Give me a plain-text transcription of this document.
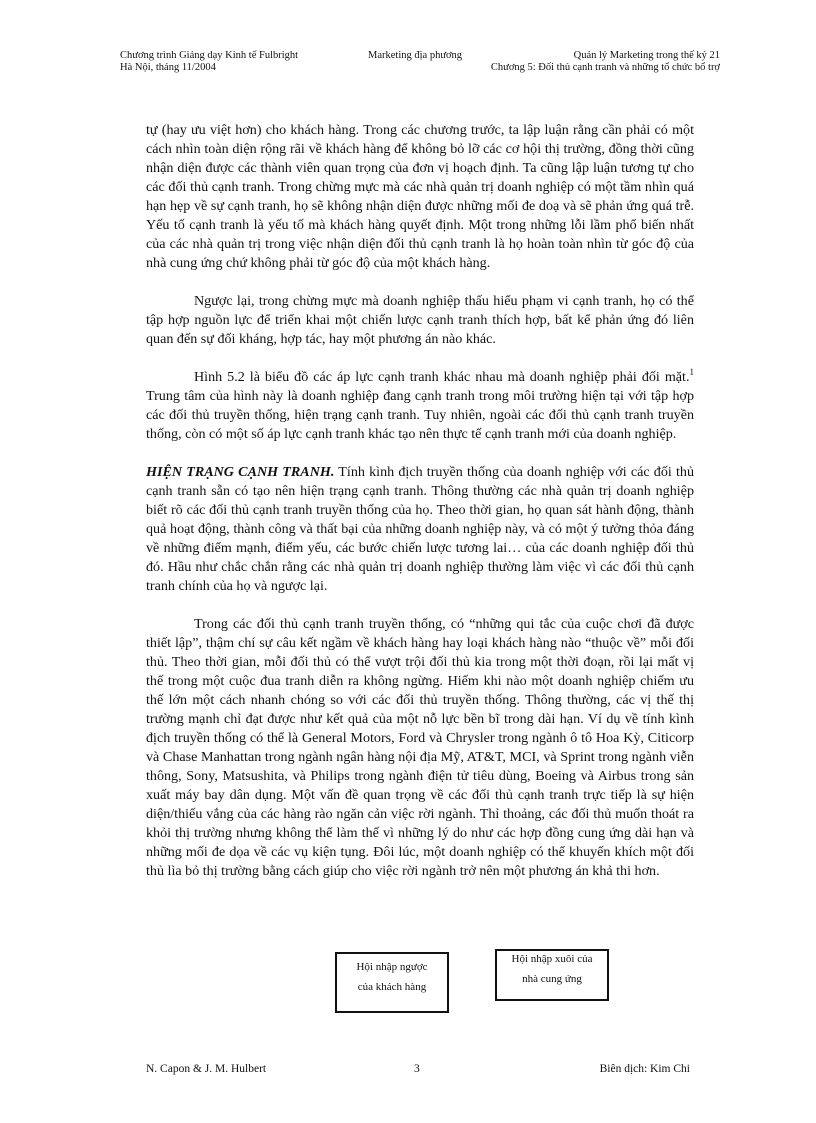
Chương trình Giảng dạy Kinh tế Fulbright	Marketing địa phương	Quản lý Marketing trong thế kỷ 21
Hà Nội, tháng 11/2004	Chương 5: Đối thủ cạnh tranh và những tổ chức bổ trợ

tự (hay ưu việt hơn) cho khách hàng. Trong các chương trước, ta lập luận rằng cần phải có một cách nhìn toàn diện rộng rãi về khách hàng để không bỏ lỡ các cơ hội thị trường, đồng thời cũng nhận diện được các thành viên quan trọng của đơn vị hoạch định. Ta cũng lập luận tương tự cho các đối thủ cạnh tranh. Trong chừng mực mà các nhà quản trị doanh nghiệp có một tầm nhìn quá hạn hẹp về sự cạnh tranh, họ sẽ không nhận diện được những mối đe doạ và sẽ phản ứng quá trễ. Yếu tố cạnh tranh là yếu tố mà khách hàng quyết định. Một trong những lỗi lầm phổ biến nhất của các nhà quản trị trong việc nhận diện đối thủ cạnh tranh là họ hoàn toàn nhìn từ góc độ của nhà cung ứng chứ không phải từ góc độ của một khách hàng.

Ngược lại, trong chừng mực mà doanh nghiệp thấu hiểu phạm vi cạnh tranh, họ có thể tập hợp nguồn lực để triển khai một chiến lược cạnh tranh thích hợp, bất kể phản ứng đó liên quan đến sự đối kháng, hợp tác, hay một phương án nào khác.

Hình 5.2 là biểu đồ các áp lực cạnh tranh khác nhau mà doanh nghiệp phải đối mặt.$^1$ Trung tâm của hình này là doanh nghiệp đang cạnh tranh trong môi trường hiện tại với tập hợp các đối thủ truyền thống, hiện trạng cạnh tranh. Tuy nhiên, ngoài các đối thủ cạnh tranh truyền thống, còn có một số áp lực cạnh tranh khác tạo nên thực tế cạnh tranh mới của doanh nghiệp.

HIỆN TRẠNG CẠNH TRANH. Tính kình địch truyền thống của doanh nghiệp với các đối thủ cạnh tranh sẵn có tạo nên hiện trạng cạnh tranh. Thông thường các nhà quản trị doanh nghiệp biết rõ các đối thủ cạnh tranh truyền thống của họ. Theo thời gian, họ quan sát hành động, thành quả hoạt động, thành công và thất bại của những doanh nghiệp này, và có một ý tưởng thỏa đáng về những điểm mạnh, điểm yếu, các bước chiến lược tương lai… của các doanh nghiệp đối thủ đó. Hầu như chắc chắn rằng các nhà quản trị doanh nghiệp thường làm việc vì các đối thủ cạnh tranh chính của họ và ngược lại.

Trong các đối thủ cạnh tranh truyền thống, có “những qui tắc của cuộc chơi đã được thiết lập”, thậm chí sự câu kết ngầm về khách hàng hay loại khách hàng nào “thuộc về” mỗi đối thủ. Theo thời gian, mỗi đối thủ có thể vượt trội đối thủ kia trong một thời đoạn, rồi lại mất vị thế trong một cuộc đua tranh diễn ra không ngừng. Hiếm khi nào một doanh nghiệp chiếm ưu thế lớn một cách nhanh chóng so với các đối thủ truyền thống. Thông thường, các vị thế thị trường mạnh chỉ đạt được như kết quả của một nỗ lực bền bĩ trong dài hạn. Ví dụ về tính kình địch truyền thống có thể là General Motors, Ford và Chrysler trong ngành ô tô Hoa Kỳ, Citicorp và Chase Manhattan trong ngành ngân hàng nội địa Mỹ, AT&T, MCI, và Sprint trong ngành viễn thông, Sony, Matsushita, và Philips trong ngành điện tử tiêu dùng, Boeing và Airbus trong sản xuất máy bay dân dụng. Một vấn đề quan trọng về các đối thủ cạnh tranh trực tiếp là sự hiện diện/thiếu vắng của các hàng rào ngăn cản việc rời ngành. Thỉ thoảng, các đối thủ muốn thoát ra khỏi thị trường nhưng không thể làm thế vì những lý do như các hợp đồng cung ứng dài hạn và những mối đe dọa về các vụ kiện tụng. Đôi lúc, một doanh nghiệp có thể khuyến khích một đối thủ lìa bỏ thị trường bằng cách giúp cho việc rời ngành trở nên một phương án khả thi hơn.

Hội nhập ngược
của khách hàng
Hội nhập xuôi của
nhà cung ứng
N. Capon & J. M. Hulbert	3	Biên dịch: Kim Chi
